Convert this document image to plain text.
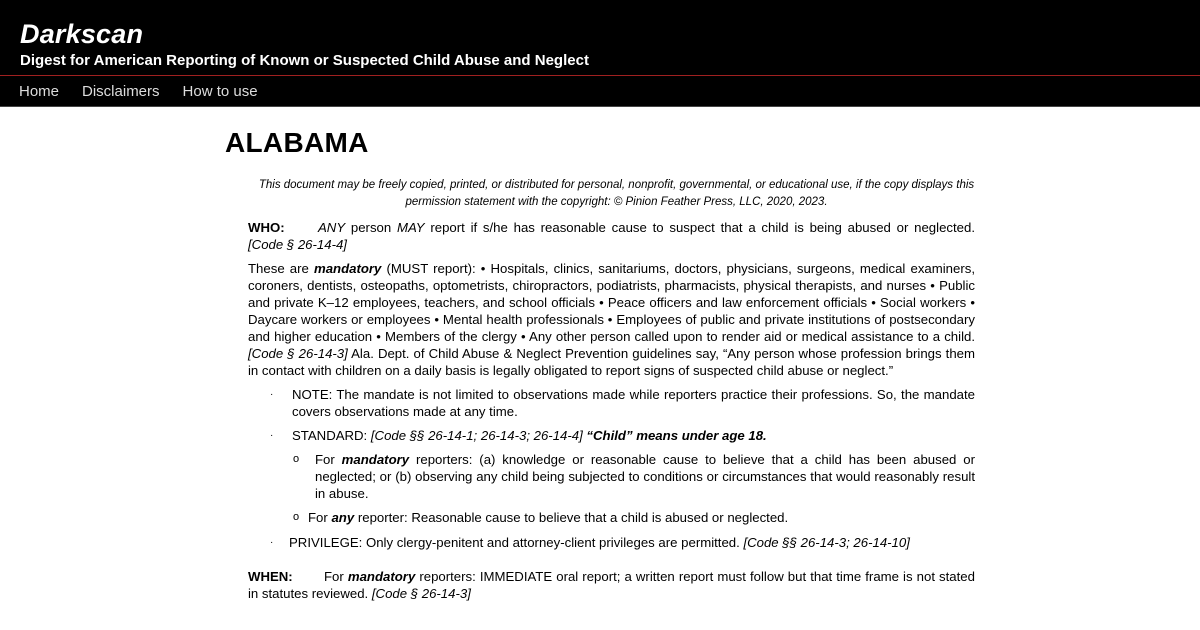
Darkscan
Digest for American Reporting of Known or Suspected Child Abuse and Neglect
Home Disclaimers How to use
ALABAMA

This document may be freely copied, printed, or distributed for personal, nonprofit, governmental, or educational use, if the copy displays this permission statement with the copyright: © Pinion Feather Press, LLC, 2020, 2023.

WHO:	ANY person MAY report if s/he has reasonable cause to suspect that a child is being abused or neglected. [Code § 26-14-4]

These are mandatory (MUST report): • Hospitals, clinics, sanitariums, doctors, physicians, surgeons, medical examiners, coroners, dentists, osteopaths, optometrists, chiropractors, podiatrists, pharmacists, physical therapists, and nurses • Public and private K–12 employees, teachers, and school officials • Peace officers and law enforcement officials • Social workers • Daycare workers or employees • Mental health professionals • Employees of public and private institutions of postsecondary and higher education • Members of the clergy • Any other person called upon to render aid or medical assistance to a child. [Code § 26-14-3] Ala. Dept. of Child Abuse & Neglect Prevention guidelines say, “Any person whose profession brings them in contact with children on a daily basis is legally obligated to report signs of suspected child abuse or neglect.”

· NOTE: The mandate is not limited to observations made while reporters practice their professions. So, the mandate covers observations made at any time.
· STANDARD: [Code §§ 26-14-1; 26-14-3; 26-14-4] “Child” means under age 18.
o For mandatory reporters: (a) knowledge or reasonable cause to believe that a child has been abused or neglected; or (b) observing any child being subjected to conditions or circumstances that would reasonably result in abuse.
o For any reporter: Reasonable cause to believe that a child is abused or neglected.
· PRIVILEGE: Only clergy-penitent and attorney-client privileges are permitted. [Code §§ 26-14-3; 26-14-10]

WHEN: For mandatory reporters: IMMEDIATE oral report; a written report must follow but that time frame is not stated in statutes reviewed. [Code § 26-14-3]
